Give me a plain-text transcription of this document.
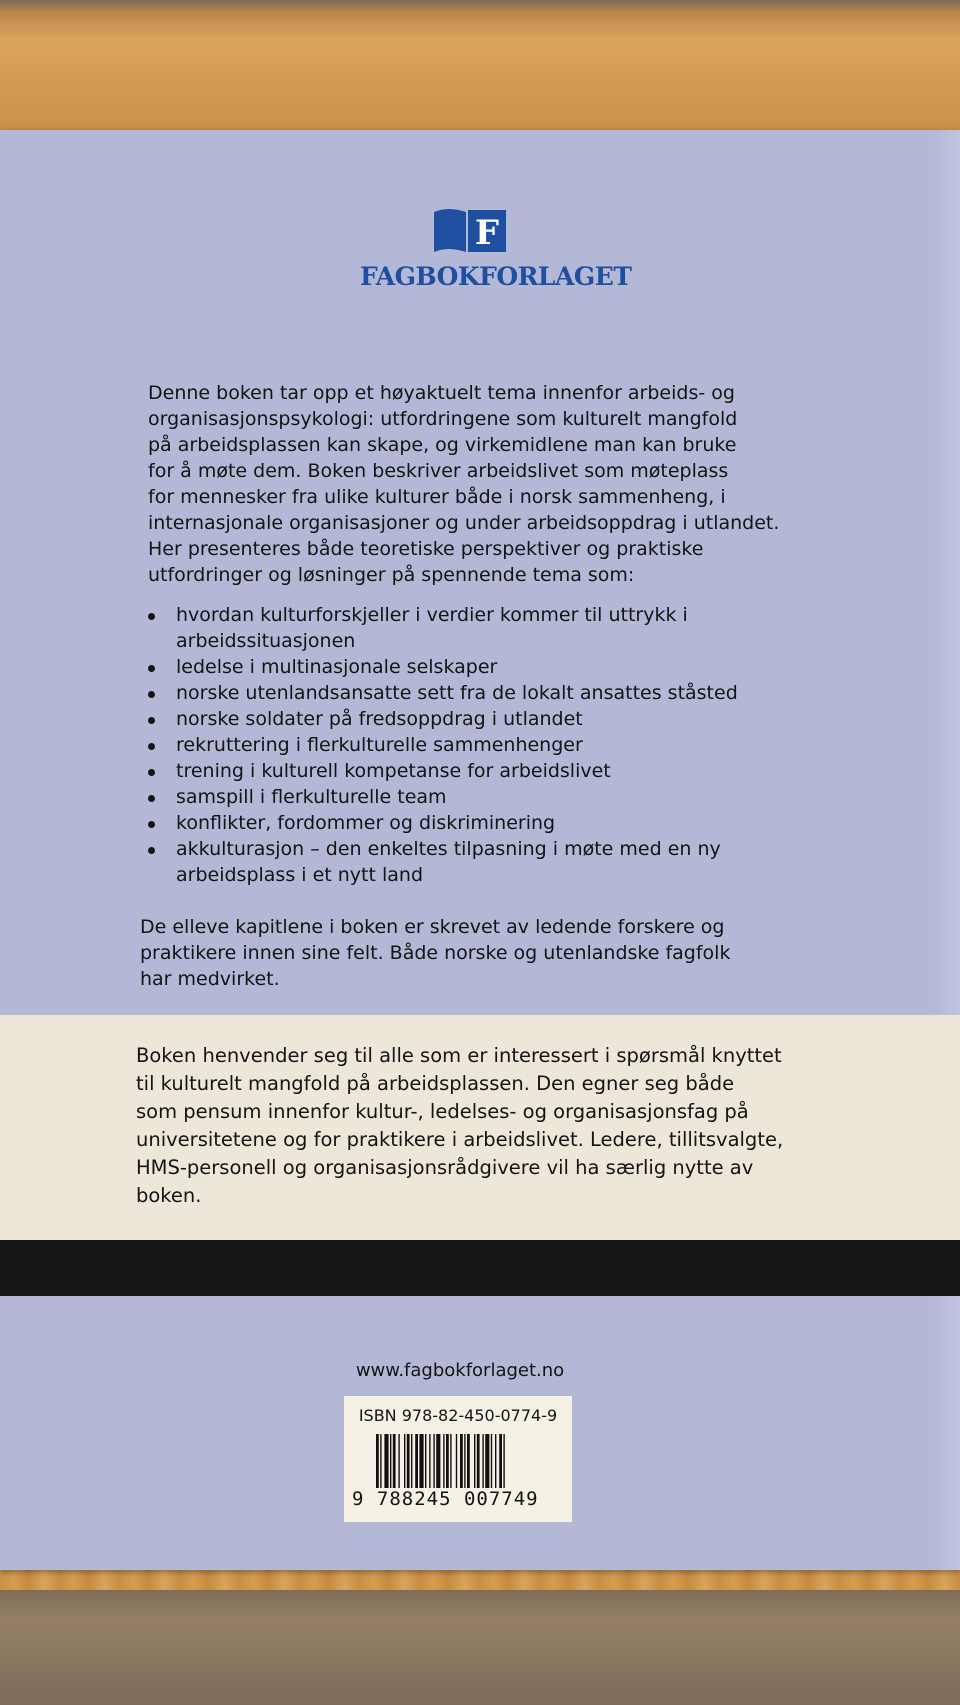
F
FAGBOKFORLAGET

Denne boken tar opp et høyaktuelt tema innenfor arbeids- og

organisasjonspsykologi: utfordringene som kulturelt mangfold

på arbeidsplassen kan skape, og virkemidlene man kan bruke

for å møte dem. Boken beskriver arbeidslivet som møteplass

for mennesker fra ulike kulturer både i norsk sammenheng, i

internasjonale organisasjoner og under arbeidsoppdrag i utlandet.

Her presenteres både teoretiske perspektiver og praktiske

utfordringer og løsninger på spennende tema som:

hvordan kulturforskjeller i verdier kommer til uttrykk i
arbeidssituasjonen
ledelse i multinasjonale selskaper
norske utenlandsansatte sett fra de lokalt ansattes ståsted
norske soldater på fredsoppdrag i utlandet
rekruttering i flerkulturelle sammenhenger
trening i kulturell kompetanse for arbeidslivet
samspill i flerkulturelle team
konflikter, fordommer og diskriminering
akkulturasjon – den enkeltes tilpasning i møte med en ny
arbeidsplass i et nytt land
De elleve kapitlene i boken er skrevet av ledende forskere og
praktikere innen sine felt. Både norske og utenlandske fagfolk
har medvirket.
Boken henvender seg til alle som er interessert i spørsmål knyttet
til kulturelt mangfold på arbeidsplassen. Den egner seg både
som pensum innenfor kultur-, ledelses- og organisasjonsfag på
universitetene og for praktikere i arbeidslivet. Ledere, tillitsvalgte,
HMS-personell og organisasjonsrådgivere vil ha særlig nytte av
boken.
www.fagbokforlaget.no
ISBN 978-82-450-0774-9
9 788245 007749
